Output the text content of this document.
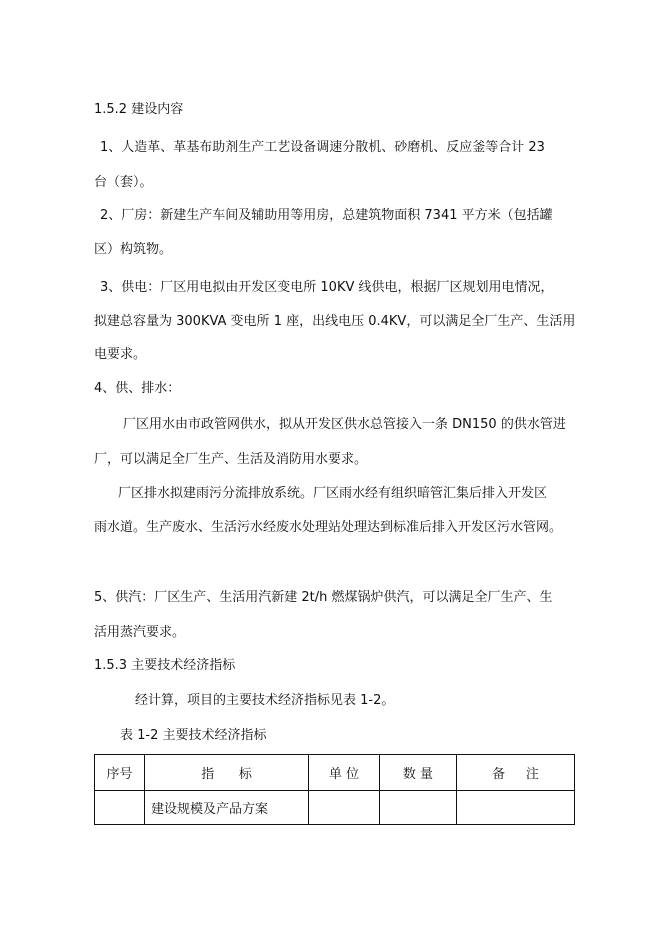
1.5.2 建设内容

1、人造革、革基布助剂生产工艺设备调速分散机、砂磨机、反应釜等合计 23

台（套）。

2、厂房：新建生产车间及辅助用等用房，总建筑物面积 7341 平方米（包括罐

区）构筑物。

3、供电：厂区用电拟由开发区变电所 10KV 线供电，根据厂区规划用电情况，

拟建总容量为 300KVA 变电所 1 座，出线电压 0.4KV，可以满足全厂生产、生活用

电要求。

4、供、排水：

厂区用水由市政管网供水，拟从开发区供水总管接入一条 DN150 的供水管进

厂，可以满足全厂生产、生活及消防用水要求。

厂区排水拟建雨污分流排放系统。厂区雨水经有组织暗管汇集后排入开发区

雨水道。生产废水、生活污水经废水处理站处理达到标准后排入开发区污水管网。

5、供汽：厂区生产、生活用汽新建 2t/h 燃煤锅炉供汽，可以满足全厂生产、生

活用蒸汽要求。

1.5.3 主要技术经济指标

经计算，项目的主要技术经济指标见表 1-2。

表 1-2 主要技术经济指标

序号	指      标	单 位	数 量	备     注
	建设规模及产品方案			
